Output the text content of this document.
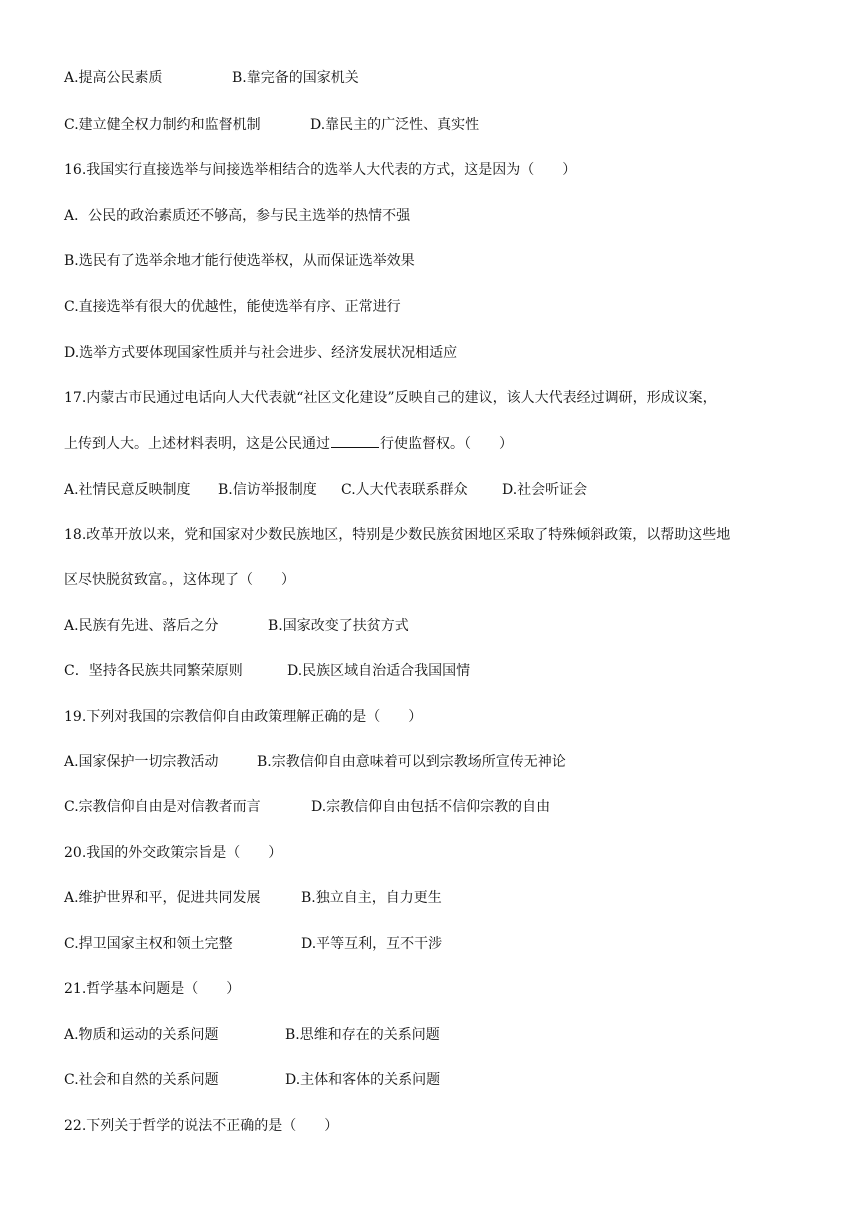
A.提高公民素质	B.靠完备的国家机关
C.建立健全权力制约和监督机制	D.靠民主的广泛性、真实性
16.我国实行直接选举与间接选举相结合的选举人大代表的方式，这是因为（　　）
A．公民的政治素质还不够高，参与民主选举的热情不强
B.选民有了选举余地才能行使选举权，从而保证选举效果
C.直接选举有很大的优越性，能使选举有序、正常进行
D.选举方式要体现国家性质并与社会进步、经济发展状况相适应
17.内蒙古市民通过电话向人大代表就“社区文化建设”反映自己的建议，该人大代表经过调研，形成议案，
上传到人大。上述材料表明，这是公民通过	行使监督权。（　　）
A.社情民意反映制度 B.信访举报制度 C.人大代表联系群众 D.社会听证会
18.改革开放以来，党和国家对少数民族地区，特别是少数民族贫困地区采取了特殊倾斜政策，以帮助这些地
区尽快脱贫致富。，这体现了（　　）
A.民族有先进、落后之分	B.国家改变了扶贫方式
C．坚持各民族共同繁荣原则	D.民族区域自治适合我国国情
19.下列对我国的宗教信仰自由政策理解正确的是（　　）
A.国家保护一切宗教活动	B.宗教信仰自由意味着可以到宗教场所宣传无神论
C.宗教信仰自由是对信教者而言	D.宗教信仰自由包括不信仰宗教的自由
20.我国的外交政策宗旨是（　　）
A.维护世界和平，促进共同发展	B.独立自主，自力更生
C.捍卫国家主权和领土完整	D.平等互利，互不干涉
21.哲学基本问题是（　　）
A.物质和运动的关系问题	B.思维和存在的关系问题
C.社会和自然的关系问题	D.主体和客体的关系问题
22.下列关于哲学的说法不正确的是（　　）
